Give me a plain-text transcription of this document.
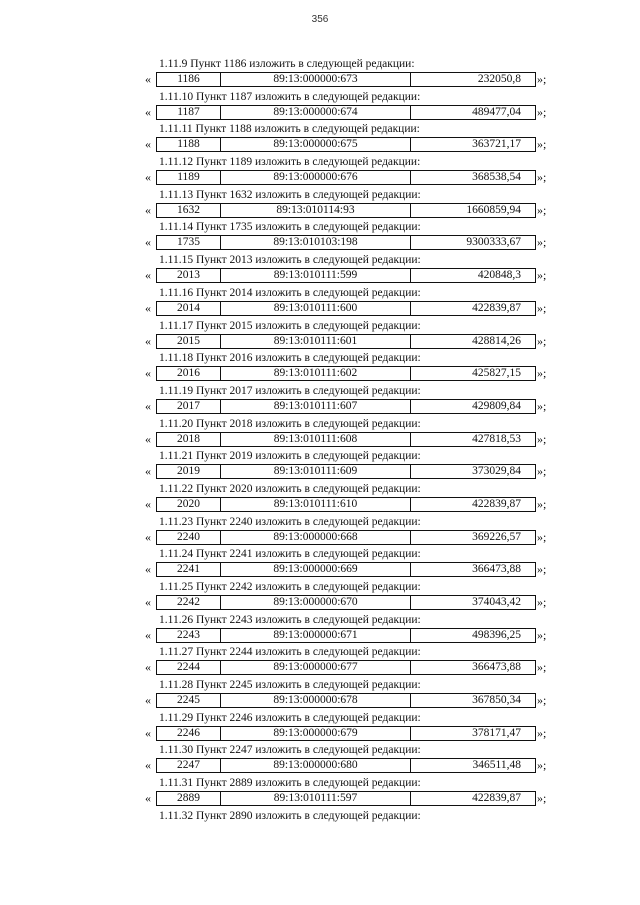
356
1.11.9 Пункт 1186 изложить в следующей редакции:
«	1186	89:13:000000:673	232050,8	»;
1.11.10 Пункт 1187 изложить в следующей редакции:
«	1187	89:13:000000:674	489477,04	»;
1.11.11 Пункт 1188 изложить в следующей редакции:
«	1188	89:13:000000:675	363721,17	»;
1.11.12 Пункт 1189 изложить в следующей редакции:
«	1189	89:13:000000:676	368538,54	»;
1.11.13 Пункт 1632 изложить в следующей редакции:
«	1632	89:13:010114:93	1660859,94	»;
1.11.14 Пункт 1735 изложить в следующей редакции:
«	1735	89:13:010103:198	9300333,67	»;
1.11.15 Пункт 2013 изложить в следующей редакции:
«	2013	89:13:010111:599	420848,3	»;
1.11.16 Пункт 2014 изложить в следующей редакции:
«	2014	89:13:010111:600	422839,87	»;
1.11.17 Пункт 2015 изложить в следующей редакции:
«	2015	89:13:010111:601	428814,26	»;
1.11.18 Пункт 2016 изложить в следующей редакции:
«	2016	89:13:010111:602	425827,15	»;
1.11.19 Пункт 2017 изложить в следующей редакции:
«	2017	89:13:010111:607	429809,84	»;
1.11.20 Пункт 2018 изложить в следующей редакции:
«	2018	89:13:010111:608	427818,53	»;
1.11.21 Пункт 2019 изложить в следующей редакции:
«	2019	89:13:010111:609	373029,84	»;
1.11.22 Пункт 2020 изложить в следующей редакции:
«	2020	89:13:010111:610	422839,87	»;
1.11.23 Пункт 2240 изложить в следующей редакции:
«	2240	89:13:000000:668	369226,57	»;
1.11.24 Пункт 2241 изложить в следующей редакции:
«	2241	89:13:000000:669	366473,88	»;
1.11.25 Пункт 2242 изложить в следующей редакции:
«	2242	89:13:000000:670	374043,42	»;
1.11.26 Пункт 2243 изложить в следующей редакции:
«	2243	89:13:000000:671	498396,25	»;
1.11.27 Пункт 2244 изложить в следующей редакции:
«	2244	89:13:000000:677	366473,88	»;
1.11.28 Пункт 2245 изложить в следующей редакции:
«	2245	89:13:000000:678	367850,34	»;
1.11.29 Пункт 2246 изложить в следующей редакции:
«	2246	89:13:000000:679	378171,47	»;
1.11.30 Пункт 2247 изложить в следующей редакции:
«	2247	89:13:000000:680	346511,48	»;
1.11.31 Пункт 2889 изложить в следующей редакции:
«	2889	89:13:010111:597	422839,87	»;
1.11.32 Пункт 2890 изложить в следующей редакции:
